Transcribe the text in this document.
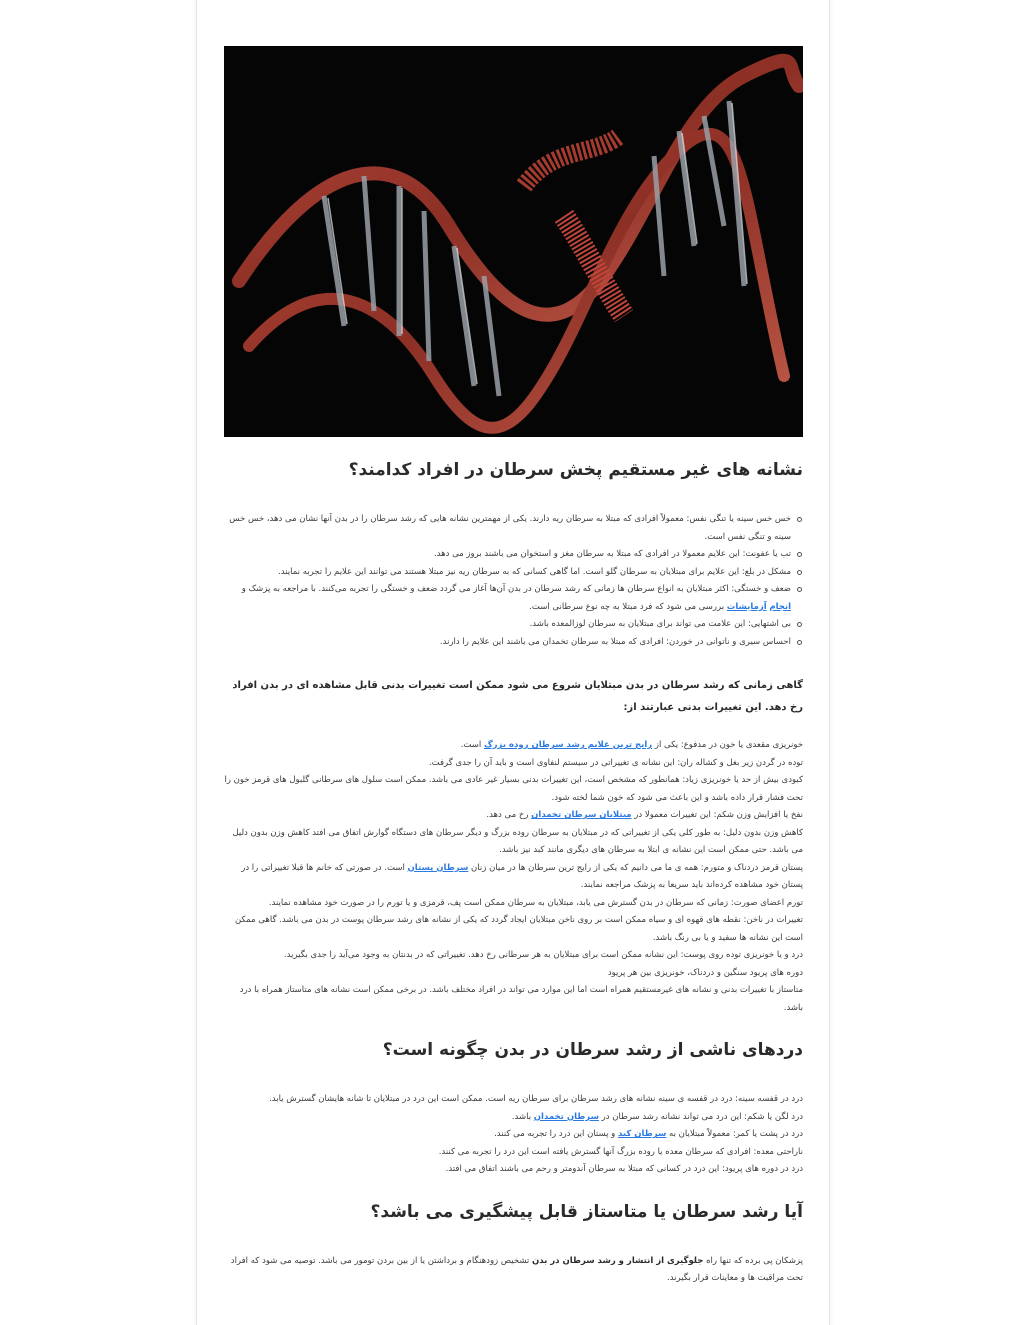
نشانه های غیر مستقیم پخش سرطان در افراد کدامند؟
خس خس سینه یا تنگی نفس: معمولاً افرادی که مبتلا به سرطان ریه دارند. یکی از مهمترین نشانه هایی که رشد سرطان را در بدن آنها نشان می دهد، خس خس سینه و تنگی نفس است.
تب یا عفونت: این علایم معمولا در افرادی که مبتلا به سرطان مغز و استخوان می باشند بروز می دهد.
مشکل در بلع: این علایم برای مبتلایان به سرطان گلو است. اما گاهی کسانی که به سرطان ریه نیز مبتلا هستند می توانند این علایم را تجربه نمایند.
ضعف و خستگی: اکثر مبتلایان به انواع سرطان ها زمانی که رشد سرطان در بدن آن‌ها آغاز می گردد ضعف و خستگی را تجربه می‌کنند. با مراجعه به پزشک و انجام آزمایشات بررسی می شود که فرد مبتلا به چه نوع سرطانی است.
بی اشتهایی: این علامت می تواند برای مبتلایان به سرطان لوزالمعده باشد.
احساس سیری و ناتوانی در خوردن: افرادی که مبتلا به سرطان تخمدان می باشند این علایم را دارند.

گاهی زمانی که رشد سرطان در بدن مبتلایان شروع می شود ممکن است تغییرات بدنی قابل مشاهده ای در بدن افراد رخ دهد. این تغییرات بدنی عبارتند از:

خونریزی مقعدی یا خون در مدفوع: یکی از رایج ترین علایم رشد سرطان روده بزرگ است.

توده در گردن زیر بغل و کشاله ران: این نشانه ی تغییراتی در سیستم لنفاوی است و باید آن را جدی گرفت.

کبودی بیش از حد یا خونریزی زیاد: همانطور که مشخص است، این تغییرات بدنی بسیار غیر عادی می باشد. ممکن است سلول های سرطانی گلبول های قرمز خون را تحت فشار قرار داده باشد و این باعث می شود که خون شما لخته شود.

نفخ یا افزایش وزن شکم: این تغییرات معمولا در مبتلایان سرطان تخمدان رخ می دهد.

کاهش وزن بدون دلیل: به طور کلی یکی از تغییراتی که در مبتلایان به سرطان روده بزرگ و دیگر سرطان های دستگاه گوارش اتفاق می افتد کاهش وزن بدون دلیل می باشد. حتی ممکن است این نشانه ی ابتلا به سرطان های دیگری مانند کبد نیز باشد.

پستان قرمز دردناک و متورم: همه ی ما می دانیم که یکی از رایج ترین سرطان ها در میان زنان سرطان پستان است. در صورتی که خانم ها قبلا تغییراتی را در پستان خود مشاهده کرده‌اند باید سریعا به پزشک مراجعه نمایند.

تورم اعضای صورت: زمانی که سرطان در بدن گسترش می یابد، مبتلایان به سرطان ممکن است پف، قرمزی و یا تورم را در صورت خود مشاهده نمایند.

تغییرات در ناخن: نقطه های قهوه ای و سیاه ممکن است بر روی ناخن مبتلایان ایجاد گردد که یکی از نشانه های رشد سرطان پوست در بدن می باشد. گاهی ممکن است این نشانه ها سفید و یا بی رنگ باشد.

درد و یا خونریزی توده روی پوست: این نشانه ممکن است برای مبتلایان به هر سرطانی رخ دهد. تغییراتی که در بدنتان به وجود می‌آید را جدی بگیرید.

دوره های پریود سنگین و دردناک، خونریزی بین هر پریود

متاستاز با تغییرات بدنی و نشانه های غیرمستقیم همراه است اما این موارد می تواند در افراد مختلف باشد. در برخی ممکن است نشانه های متاستاز همراه با درد باشد.

دردهای ناشی از رشد سرطان در بدن چگونه است؟

درد در قفسه سینه: درد در قفسه ی سینه نشانه های رشد سرطان برای سرطان ریه است. ممکن است این درد در مبتلایان تا شانه هایشان گسترش یابد.

درد لگن یا شکم: این درد می تواند نشانه رشد سرطان در سرطان تخمدان باشد.

درد در پشت یا کمر: معمولاً مبتلایان به سرطان کبد و پستان این درد را تجربه می کنند.

ناراحتی معده: افرادی که سرطان معده یا روده بزرگ آنها گسترش یافته است این درد را تجربه می کنند.

درد در دوره های پریود: این درد در کسانی که مبتلا به سرطان آندومتر و رحم می باشند اتفاق می افتد.

آیا رشد سرطان یا متاستاز قابل پیشگیری می باشد؟

پزشکان پی برده که تنها راه جلوگیری از انتشار و رشد سرطان در بدن تشخیص زودهنگام و برداشتن یا از بین بردن تومور می باشد. توصیه می شود که افراد تحت مراقبت ها و معاینات قرار بگیرند.
